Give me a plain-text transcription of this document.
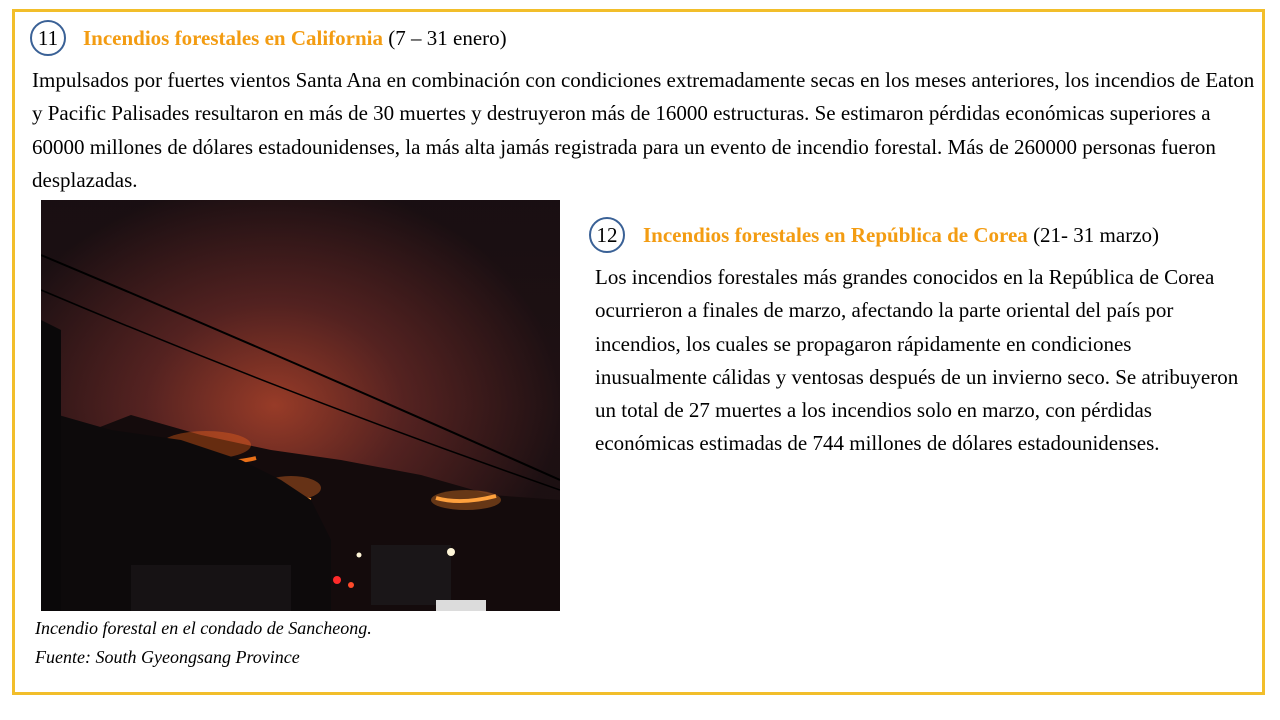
11	Incendios forestales en California (7 – 31 enero)

Impulsados por fuertes vientos Santa Ana en combinación con condiciones extremadamente secas en los meses anteriores, los incendios de Eaton y Pacific Palisades resultaron en más de 30 muertes y destruyeron más de 16000 estructuras. Se estimaron pérdidas económicas superiores a 60000 millones de dólares estadounidenses, la más alta jamás registrada para un evento de incendio forestal. Más de 260000 personas fueron desplazadas.

Incendio forestal en el condado de Sancheong.
Fuente: South Gyeongsang Province
12	Incendios forestales en República de Corea (21- 31 marzo)

Los incendios forestales más grandes conocidos en la República de Corea ocurrieron a finales de marzo, afectando la parte oriental del país por incendios, los cuales se propagaron rápidamente en condiciones inusualmente cálidas y ventosas después de un invierno seco. Se atribuyeron un total de 27 muertes a los incendios solo en marzo, con pérdidas económicas estimadas de 744 millones de dólares estadounidenses.
